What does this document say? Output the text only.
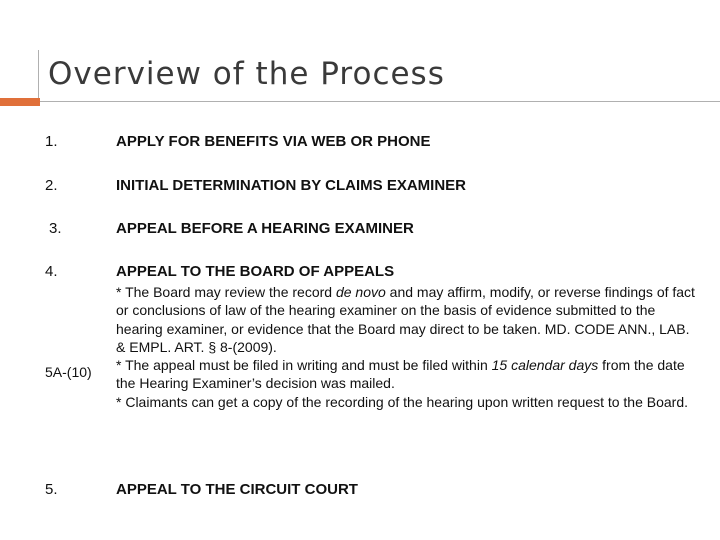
Overview of the Process
1.	APPLY FOR BENEFITS VIA WEB OR PHONE
2.	INITIAL DETERMINATION BY CLAIMS EXAMINER
3.	APPEAL BEFORE A HEARING EXAMINER
4.	APPEAL TO THE BOARD OF APPEALS
5A-(10)

* The Board may review the record de novo and may affirm, modify, or reverse findings of fact or conclusions of law of the hearing examiner on the basis of evidence submitted to the hearing examiner, or evidence that the Board may direct to be taken. MD. CODE ANN., LAB. & EMPL. ART. § 8-(2009).

* The appeal must be filed in writing and must be filed within 15 calendar days from the date the Hearing Examiner’s decision was mailed.

* Claimants can get a copy of the recording of the hearing upon written request to the Board.

5.	APPEAL TO THE CIRCUIT COURT
